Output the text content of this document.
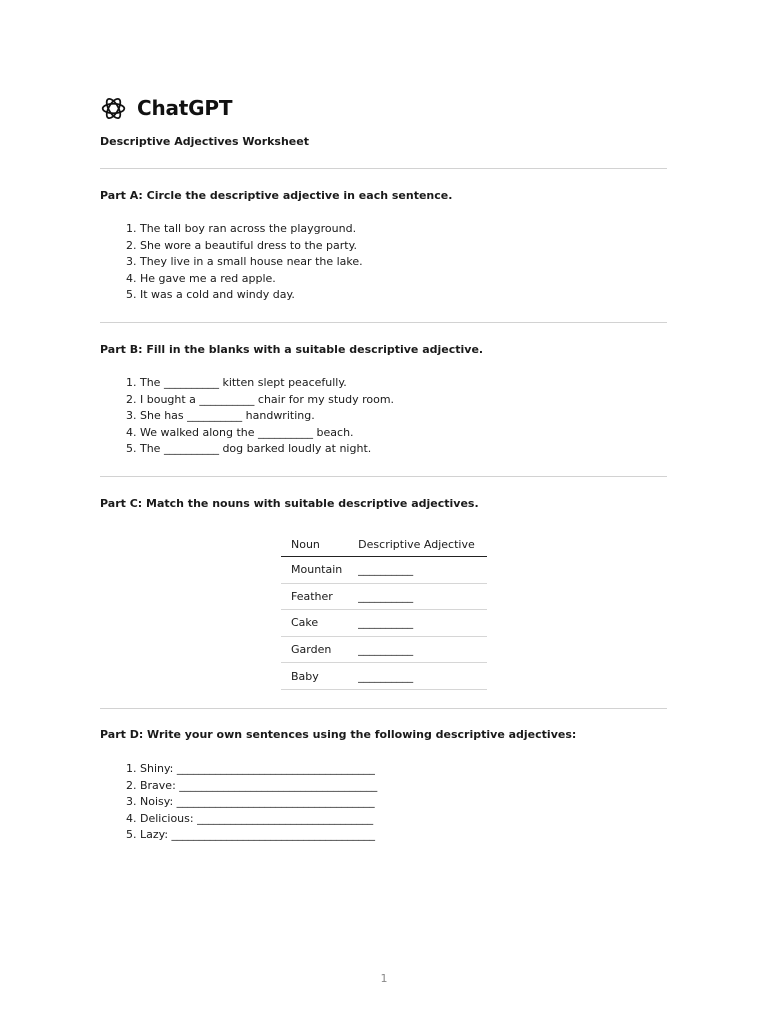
ChatGPT
Descriptive Adjectives Worksheet
Part A: Circle the descriptive adjective in each sentence.
1. The tall boy ran across the playground.
2. She wore a beautiful dress to the party.
3. They live in a small house near the lake.
4. He gave me a red apple.
5. It was a cold and windy day.
Part B: Fill in the blanks with a suitable descriptive adjective.
1. The __________ kitten slept peacefully.
2. I bought a __________ chair for my study room.
3. She has __________ handwriting.
4. We walked along the __________ beach.
5. The __________ dog barked loudly at night.
Part C: Match the nouns with suitable descriptive adjectives.
Noun	Descriptive Adjective
Mountain	__________
Feather	__________
Cake	__________
Garden	__________
Baby	__________
Part D: Write your own sentences using the following descriptive adjectives:
1. Shiny: ____________________________________
2. Brave: ____________________________________
3. Noisy: ____________________________________
4. Delicious: ________________________________
5. Lazy: _____________________________________
1
